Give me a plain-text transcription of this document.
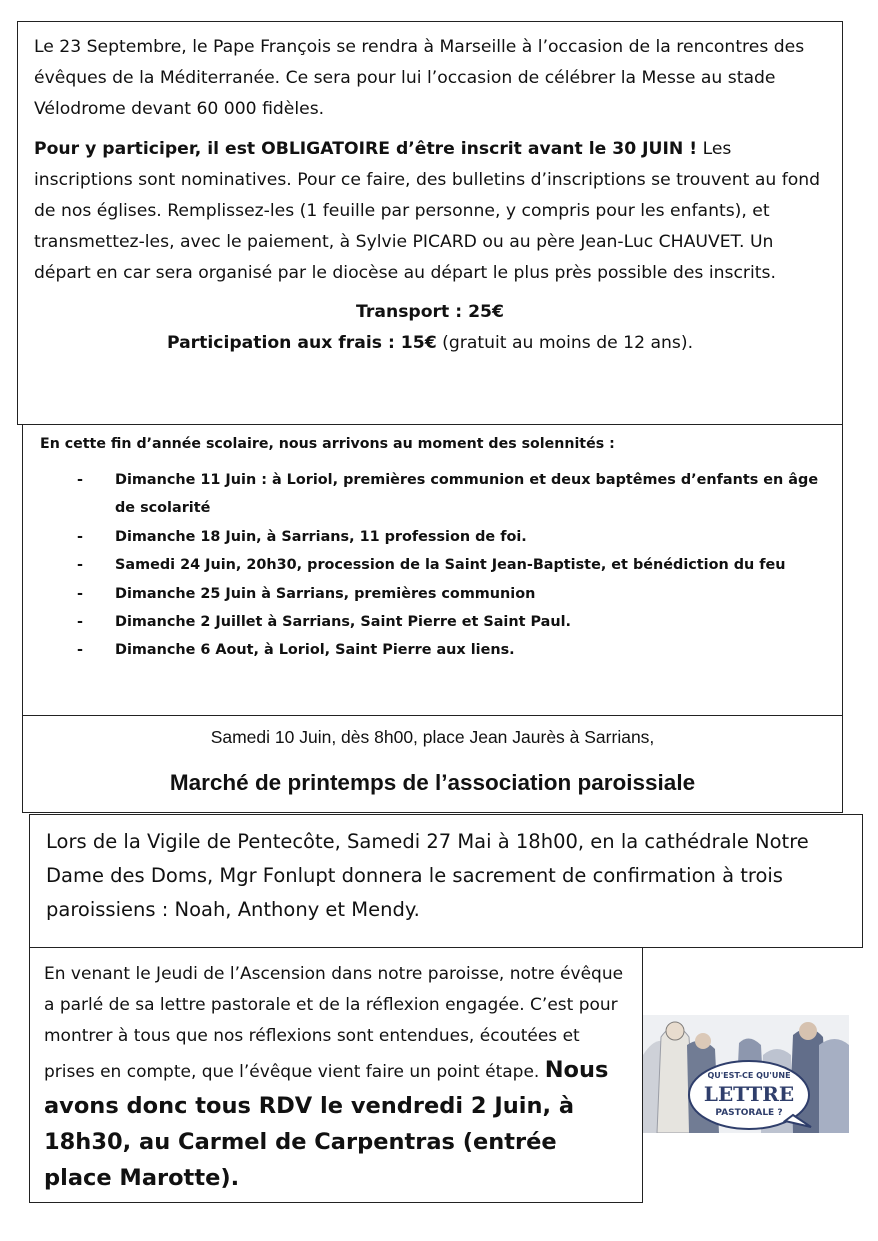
Le 23 Septembre, le Pape François se rendra à Marseille à l’occasion de la rencontres des évêques de la Méditerranée. Ce sera pour lui l’occasion de célébrer la Messe au stade Vélodrome devant 60 000 fidèles.

Pour y participer, il est OBLIGATOIRE d’être inscrit avant le 30 JUIN ! Les inscriptions sont nominatives. Pour ce faire, des bulletins d’inscriptions se trouvent au fond de nos églises. Remplissez-les (1 feuille par personne, y compris pour les enfants), et transmettez-les, avec le paiement, à Sylvie PICARD ou au père Jean-Luc CHAUVET. Un départ en car sera organisé par le diocèse au départ le plus près possible des inscrits.

Transport : 25€

Participation aux frais : 15€ (gratuit au moins de 12 ans).

En cette fin d’année scolaire, nous arrivons au moment des solennités :
- Dimanche 11 Juin : à Loriol, premières communion et deux baptêmes d’enfants en âge de scolarité
- Dimanche 18 Juin, à Sarrians, 11 profession de foi.
- Samedi 24 Juin, 20h30, procession de la Saint Jean-Baptiste, et bénédiction du feu
- Dimanche 25 Juin à Sarrians, premières communion
- Dimanche 2 Juillet à Sarrians, Saint Pierre et Saint Paul.
- Dimanche 6 Aout, à Loriol, Saint Pierre aux liens.
Samedi 10 Juin, dès 8h00, place Jean Jaurès à Sarrians,
Marché de printemps de l’association paroissiale

Lors de la Vigile de Pentecôte, Samedi 27 Mai à 18h00, en la cathédrale Notre Dame des Doms, Mgr Fonlupt donnera le sacrement de confirmation à trois paroissiens : Noah, Anthony et Mendy.

En venant le Jeudi de l’Ascension dans notre paroisse, notre évêque a parlé de sa lettre pastorale et de la réflexion engagée. C’est pour montrer à tous que nos réflexions sont entendues, écoutées et prises en compte, que l’évêque vient faire un point étape. Nous avons donc tous RDV le vendredi 2 Juin, à 18h30, au Carmel de Carpentras (entrée place Marotte).

QU'EST-CE QU'UNE
LETTRE
PASTORALE ?
